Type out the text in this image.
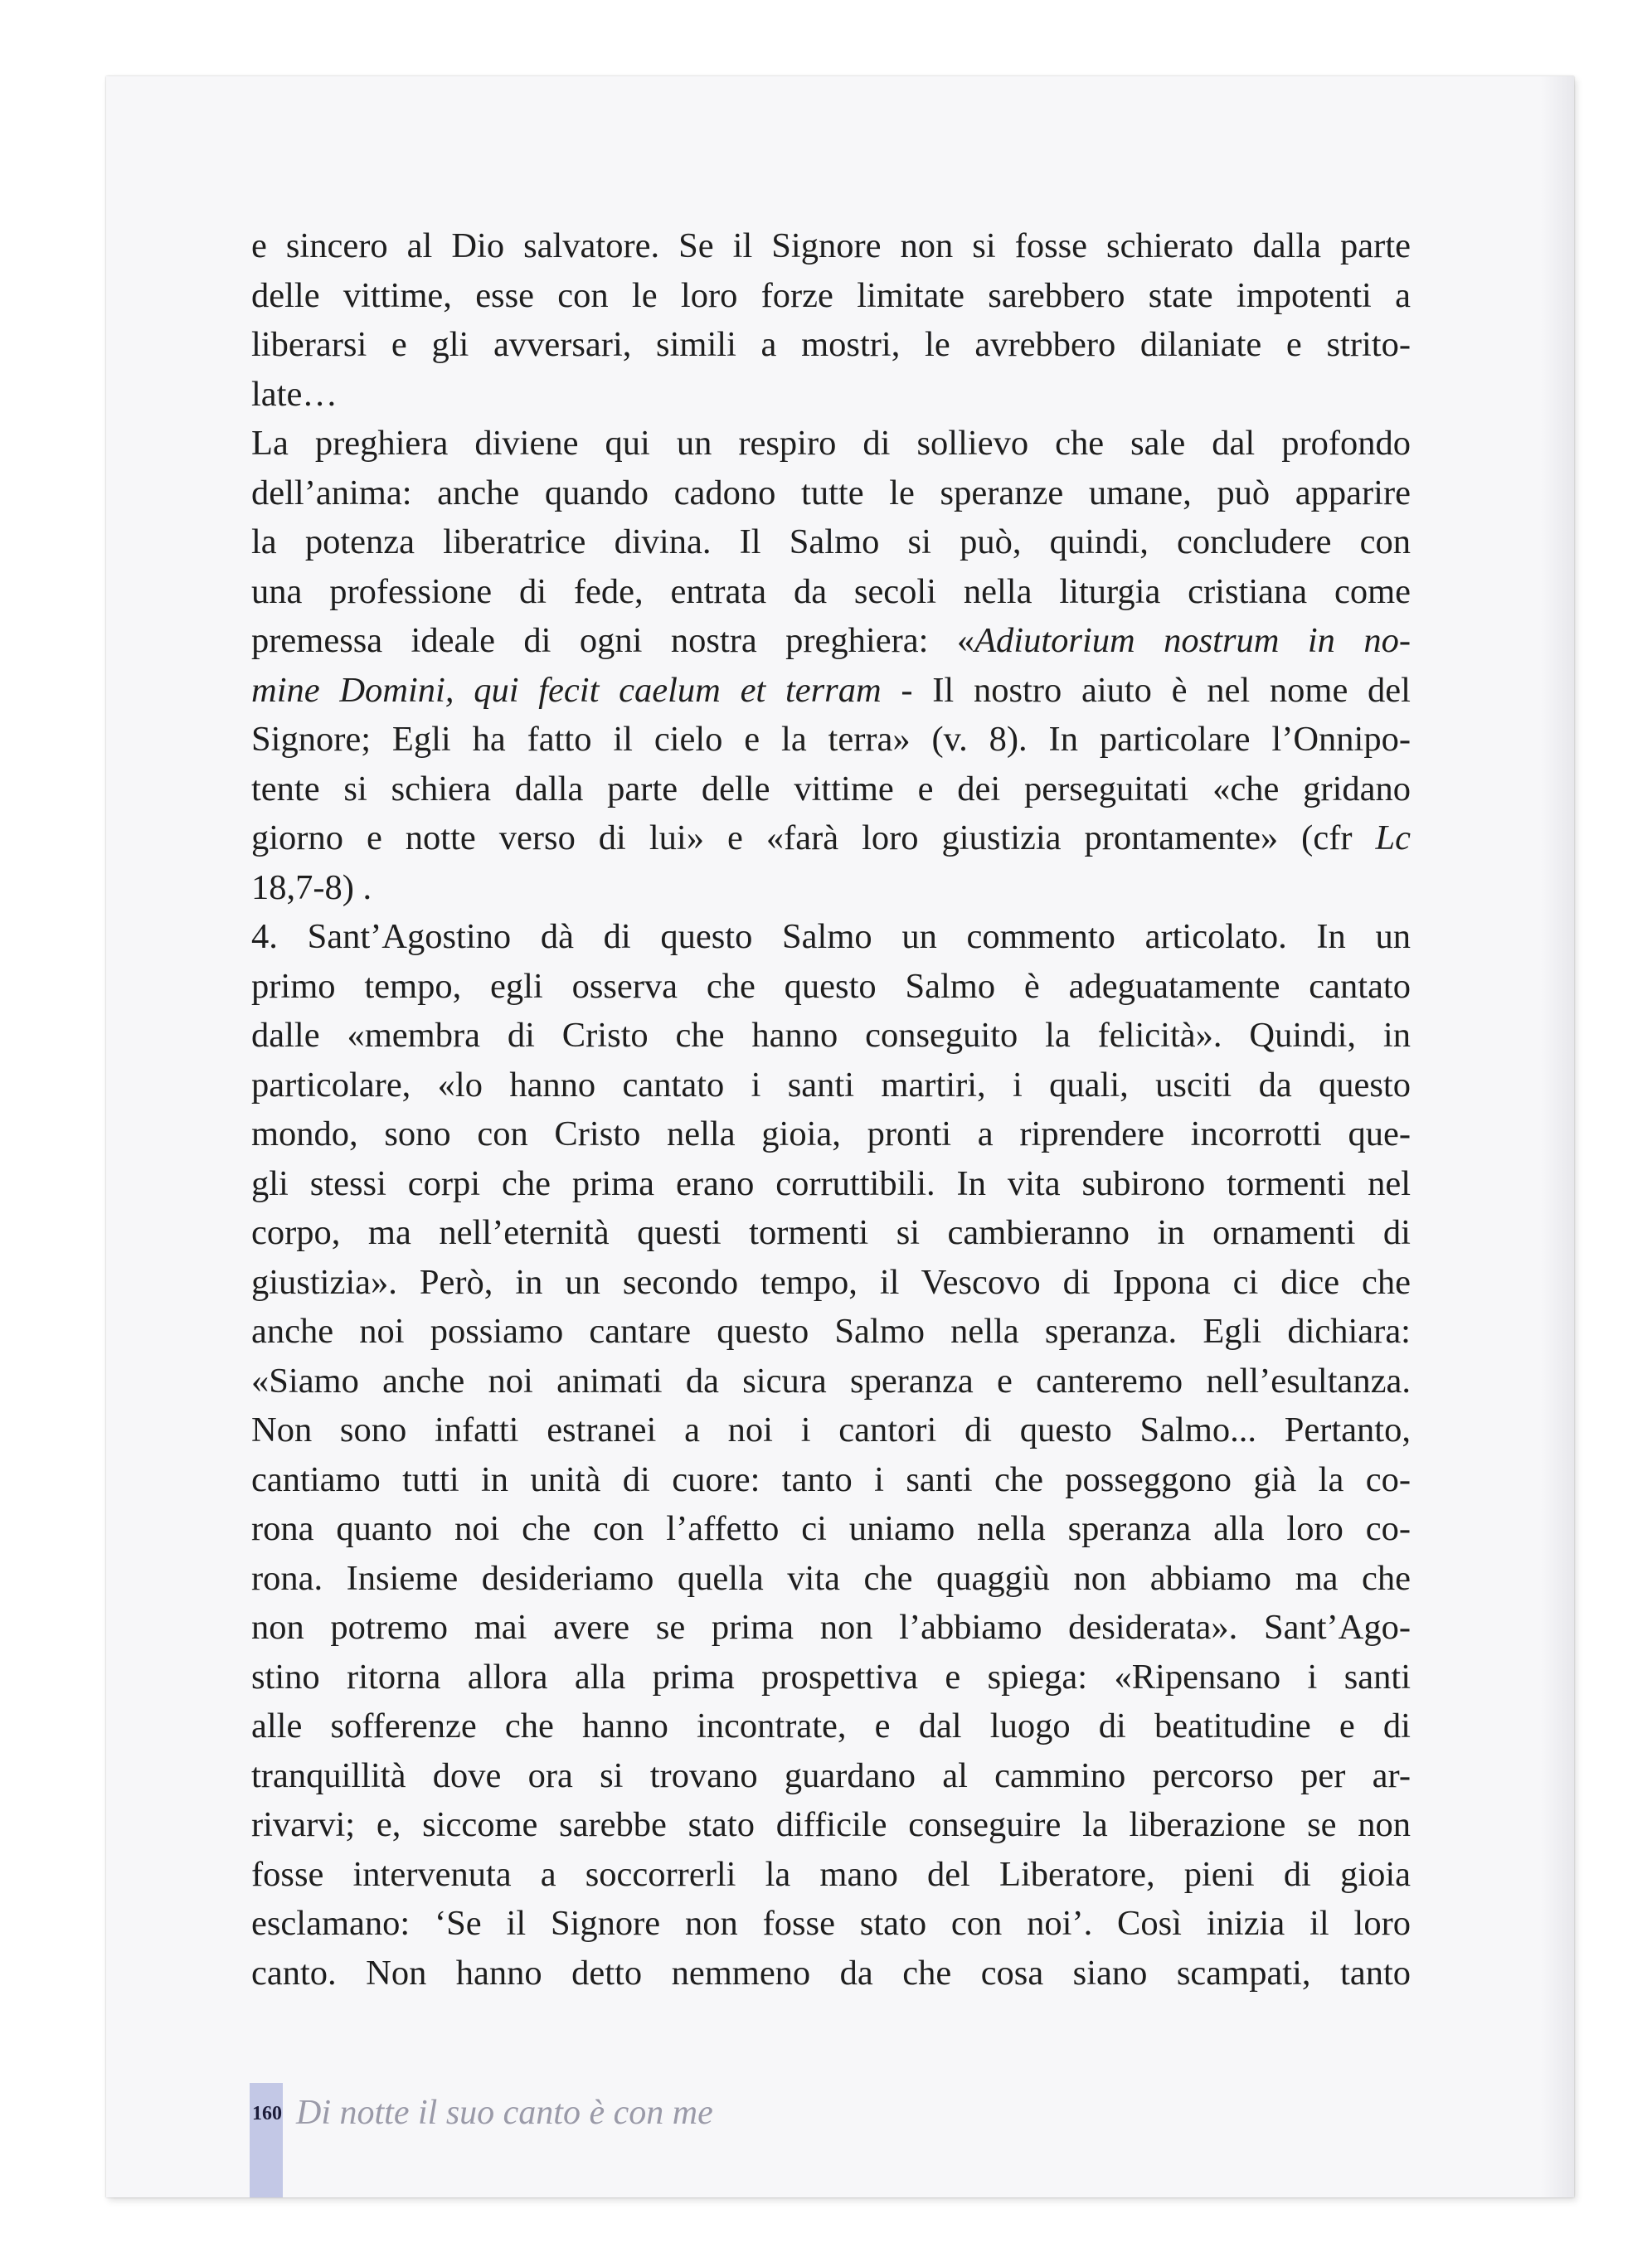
e sincero al Dio salvatore. Se il Signore non si fosse schierato dalla parte
delle vittime, esse con le loro forze limitate sarebbero state impotenti a
liberarsi e gli avversari, simili a mostri, le avrebbero dilaniate e strito-
late…
La preghiera diviene qui un respiro di sollievo che sale dal profondo
dell’anima: anche quando cadono tutte le speranze umane, può apparire
la potenza liberatrice divina. Il Salmo si può, quindi, concludere con
una professione di fede, entrata da secoli nella liturgia cristiana come
premessa ideale di ogni nostra preghiera: «Adiutorium nostrum in no-
mine Domini, qui fecit caelum et terram - Il nostro aiuto è nel nome del
Signore; Egli ha fatto il cielo e la terra» (v. 8). In particolare l’Onnipo-
tente si schiera dalla parte delle vittime e dei perseguitati «che gridano
giorno e notte verso di lui» e «farà loro giustizia prontamente» (cfr Lc
18,7-8) .
4. Sant’Agostino dà di questo Salmo un commento articolato. In un
primo tempo, egli osserva che questo Salmo è adeguatamente cantato
dalle «membra di Cristo che hanno conseguito la felicità». Quindi, in
particolare, «lo hanno cantato i santi martiri, i quali, usciti da questo
mondo, sono con Cristo nella gioia, pronti a riprendere incorrotti que-
gli stessi corpi che prima erano corruttibili. In vita subirono tormenti nel
corpo, ma nell’eternità questi tormenti si cambieranno in ornamenti di
giustizia». Però, in un secondo tempo, il Vescovo di Ippona ci dice che
anche noi possiamo cantare questo Salmo nella speranza. Egli dichiara:
«Siamo anche noi animati da sicura speranza e canteremo nell’esultanza.
Non sono infatti estranei a noi i cantori di questo Salmo... Pertanto,
cantiamo tutti in unità di cuore: tanto i santi che posseggono già la co-
rona quanto noi che con l’affetto ci uniamo nella speranza alla loro co-
rona. Insieme desideriamo quella vita che quaggiù non abbiamo ma che
non potremo mai avere se prima non l’abbiamo desiderata». Sant’Ago-
stino ritorna allora alla prima prospettiva e spiega: «Ripensano i santi
alle sofferenze che hanno incontrate, e dal luogo di beatitudine e di
tranquillità dove ora si trovano guardano al cammino percorso per ar-
rivarvi; e, siccome sarebbe stato difficile conseguire la liberazione se non
fosse intervenuta a soccorrerli la mano del Liberatore, pieni di gioia
esclamano: ‘Se il Signore non fosse stato con noi’. Così inizia il loro
canto. Non hanno detto nemmeno da che cosa siano scampati, tanto
160 Di notte il suo canto è con me
